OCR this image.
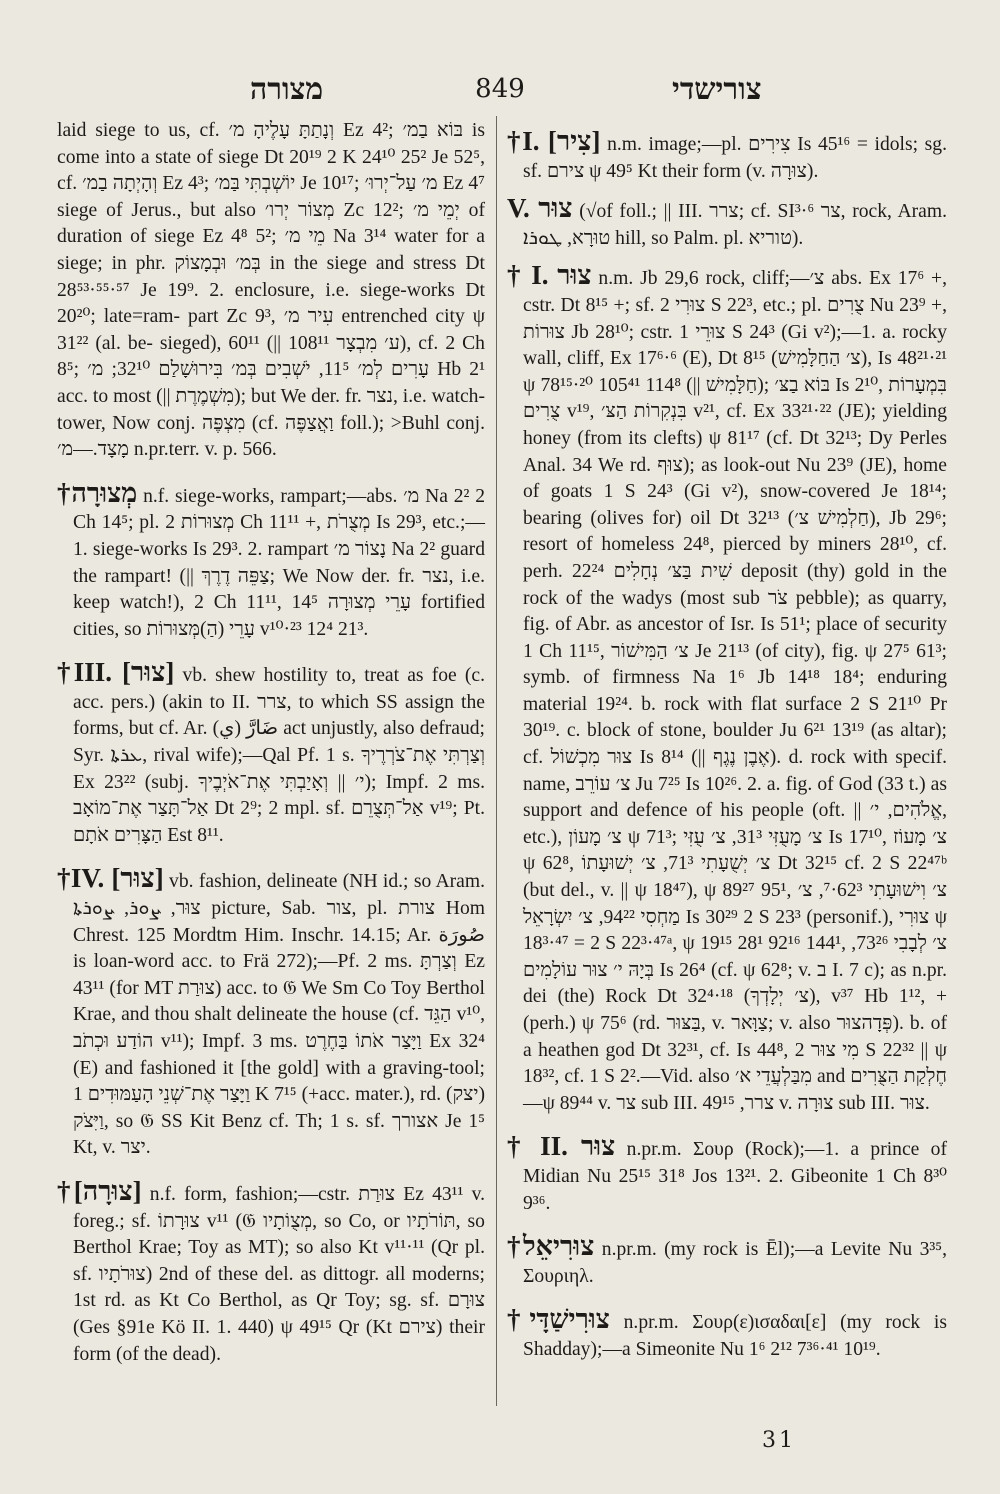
מצורה	849	צורישדי

laid siege to us, cf. וְנָתַתָּ עָלֶיהָ מ׳ Ez 4²; בּוֹא בַמ׳ is come into a state of siege Dt 20¹⁹ 2 K 24¹⁰ 25² Je 52⁵, cf. וְהָיְתָה בַמ׳ Ez 4³; יוֹשְׁבְתִּי בַּמ׳ Je 10¹⁷; מ׳ עַל־יְרוּ׳ Ez 4⁷ siege of Jerus., but also מְצוֹר יְרו׳ Zc 12²; יְמֵי מ׳ of duration of siege Ez 4⁸ 5²; מֵי מ׳ Na 3¹⁴ water for a siege; in phr. בְּמ׳ וּבְמָצוֹק in the siege and stress Dt 28⁵³·⁵⁵·⁵⁷ Je 19⁹. 2. enclosure, i.e. siege-works Dt 20²⁰; late=ram- part Zc 9³, עִיר מ׳ entrenched city ψ 31²² (al. be- sieged), 60¹¹ (|| 108¹¹ ע׳ מִבְצָר), cf. 2 Ch 8⁵; עָרִים לְמ׳ 11⁵, יֹשְׁבִים בְּמ׳ בִּירוּשָׁלַם 32¹⁰; מ׳ Hb 2¹ acc. to most (|| מִשְׁמֶרֶת); but We der. fr. נצר, i.e. watch- tower, Now conj. מִצְפֶּה (cf. וַאֲצַפֶּה foll.); >Buhl conj. מָצָד.—מ׳ n.pr.terr. v. p. 566.

†מְצוּרָה n.f. siege-works, rampart;—abs. מ׳ Na 2² 2 Ch 14⁵; pl. מְצוּרוֹת 2 Ch 11¹¹ +, מְצֻרֹת Is 29³, etc.;—1. siege-works Is 29³. 2. rampart נָצוֹר מ׳ Na 2² guard the rampart! (|| צַפֵּה דֶרֶךְ; We Now der. fr. נצר, i.e. keep watch!), 2 Ch 11¹¹, עָרֵי מְצוּרָה 14⁵ fortified cities, so עָרֵי (הַ)מְּצוּרוֹת v¹⁰·²³ 12⁴ 21³.

†III. [צוּר] vb. shew hostility to, treat as foe (c. acc. pers.) (akin to II. צרר, to which SS assign the forms, but cf. Ar. ضَارَّ (ي) act unjustly, also defraud; Syr. ܥܪܬܐ, rival wife);—Qal Pf. 1 s. וְצַרְתִּי אֶת־צֹרְרֶיךָ Ex 23²² (subj. י׳ || וְאָיַבְתִּי אֶת־אֹיְבֶיךָ); Impf. 2 ms. אַל־תָּצַר אֶת־מוֹאָב Dt 2⁹; 2 mpl. sf. אַל־תְּצֻרֵם v¹⁹; Pt. הַצָּרִים אֹתָם Est 8¹¹.

†IV. [צוּר] vb. fashion, delineate (NH id.; so Aram. צוּר, ܨܘܪ, ܨܘܪܬܐ picture, Sab. צור, pl. צורת Hom Chrest. 125 Mordtm Him. Inschr. 14.15; Ar. صُورَة is loan-word acc. to Frä 272);—Pf. 2 ms. וְצַרְתָּ Ez 43¹¹ (for MT צוּרַת) acc. to 𝔊 We Sm Co Toy Berthol Krae, and thou shalt delineate the house (cf. הַגֵּד v¹⁰, הוֹדַע וּכְתֹב v¹¹); Impf. 3 ms. וַיָּצַר אֹתוֹ בַּחֶרֶט Ex 32⁴ (E) and fashioned it [the gold] with a graving-tool; וַיָּצַר אֶת־שְׁנֵי הָעַמּוּדִים 1 K 7¹⁵ (+acc. mater.), rd. (יצק) וַיִּצֹק, so 𝔊 SS Kit Benz cf. Th; 1 s. sf. אצורך Je 1⁵ Kt, v. יצר.

†[צוּרָה] n.f. form, fashion;—cstr. צוּרַת Ez 43¹¹ v. foreg.; sf. צוּרָתוֹ v¹¹ (𝔊 מְצֻוֹתָיו, so Co, or תּוֹרֹתָיו, so Berthol Krae; Toy as MT); so also Kt v¹¹·¹¹ (Qr pl. sf. צוּרֹתָיו) 2nd of these del. as dittogr. all moderns; 1st rd. as Kt Co Berthol, as Qr Toy; sg. sf. צוּרָם (Ges §91e Kö II. 1. 440) ψ 49¹⁵ Qr (Kt צירם) their form (of the dead).

†I. [צִיר] n.m. image;—pl. צִירִים Is 45¹⁶ = idols; sg. sf. צירם ψ 49⁵ Kt their form (v. צוּרָה).

V. צוּר (√of foll.; || III. צרר; cf. SI³·⁶ צר, rock, Aram. טוּרָא, ܛܘܪܐ hill, so Palm. pl. טוריא).

† I. צוּר n.m. Jb 29,6 rock, cliff;—צ׳ abs. Ex 17⁶ +, cstr. Dt 8¹⁵ +; sf. צוּרִי 2 S 22³, etc.; pl. צֻרִים Nu 23⁹ +, צוּרוֹת Jb 28¹⁰; cstr. צוּרֵי 1 S 24³ (Gi v²);—1. a. rocky wall, cliff, Ex 17⁶·⁶ (E), Dt 8¹⁵ (צ׳ הַחַלָּמִישׁ), Is 48²¹·²¹ ψ 78¹⁵·²⁰ 105⁴¹ 114⁸ (|| חַלָּמִישׁ); בּוֹא בַצּ׳ Is 2¹⁰, בִּמְעָרוֹת צֻרִים v¹⁹, בִּנְקִרוֹת הַצּ׳ v²¹, cf. Ex 33²¹·²² (JE); yielding honey (from its clefts) ψ 81¹⁷ (cf. Dt 32¹³; Dy Perles Anal. 34 We rd. צוּף); as look-out Nu 23⁹ (JE), home of goats 1 S 24³ (Gi v²), snow-covered Je 18¹⁴; bearing (olives for) oil Dt 32¹³ (חַלְמִישׁ צ׳), Jb 29⁶; resort of homeless 24⁸, pierced by miners 28¹⁰, cf. perh. שִׁית בַּצּ׳ נְחָלִים 22²⁴ deposit (thy) gold in the rock of the wadys (most sub צֹר pebble); as quarry, fig. of Abr. as ancestor of Isr. Is 51¹; place of security 1 Ch 11¹⁵, צ׳ הַמִּישׁוֹר Je 21¹³ (of city), fig. ψ 27⁵ 61³; symb. of firmness Na 1⁶ Jb 14¹⁸ 18⁴; enduring material 19²⁴. b. rock with flat surface 2 S 21¹⁰ Pr 30¹⁹. c. block of stone, boulder Ju 6²¹ 13¹⁹ (as altar); cf. צוּר מִכְשׁוֹל Is 8¹⁴ (|| אֶבֶן נֶגֶף). d. rock with specif. name, צ׳ עוֹרֵב Ju 7²⁵ Is 10²⁶. 2. a. fig. of God (33 t.) as support and defence of his people (oft. || אֱלֹהִים, י׳, etc.), צ׳ מָעוֹן ψ 71³; צ׳ מָעֻזִּי 31³, צ׳ עֻזִּי Is 17¹⁰, צ׳ מָעוֹז ψ 62⁸, צ׳ יְשֻׁעָתִי 71³, צ׳ יְשׁוּעָתוֹ Dt 32¹⁵ cf. 2 S 22⁴⁷ᵇ (but del., v. || ψ 18⁴⁷), ψ 89²⁷ 95¹, צ׳ וִישׁוּעָתִי 62³·⁷, צ׳ מַחְסִי 94²², צ׳ יִשְׂרָאֵל Is 30²⁹ 2 S 23³ (personif.), צוּרִי ψ 18³·⁴⁷ = 2 S 22³·⁴⁷ᵃ, ψ 19¹⁵ 28¹ 92¹⁶ 144¹, צ׳ לְבָבִי 73²⁶, בְּיָהּ י׳ צוּר עוֹלָמִים Is 26⁴ (cf. ψ 62⁸; v. ב I. 7 c); as n.pr. dei (the) Rock Dt 32⁴·¹⁸ (צ׳ יְלָדְךָ), v³⁷ Hb 1¹², + (perh.) ψ 75⁶ (rd. בַּצּוּר, v. צַוָּאר; v. also פְּדָהצוּר). b. of a heathen god Dt 32³¹, cf. Is 44⁸, מִי צוּר 2 S 22³² || ψ 18³², cf. 1 S 2².—Vid. also מִבַּלְעֲדֵי א׳ and חֶלְקַת הַצֻּרִים—ψ 89⁴⁴ v. צר sub III. צרר, 49¹⁵ v. צוּרָה sub III. צוּר.

† II. צוּר n.pr.m. Σουρ (Rock);—1. a prince of Midian Nu 25¹⁵ 31⁸ Jos 13²¹. 2. Gibeonite 1 Ch 8³⁰ 9³⁶.

†צוּרִיאֵל n.pr.m. (my rock is Ēl);—a Levite Nu 3³⁵, Σουριηλ.

†צוּרִישַׁדָּי n.pr.m. Σουρ(ε)ισαδαι[ε] (my rock is Shadday);—a Simeonite Nu 1⁶ 2¹² 7³⁶·⁴¹ 10¹⁹.

31
